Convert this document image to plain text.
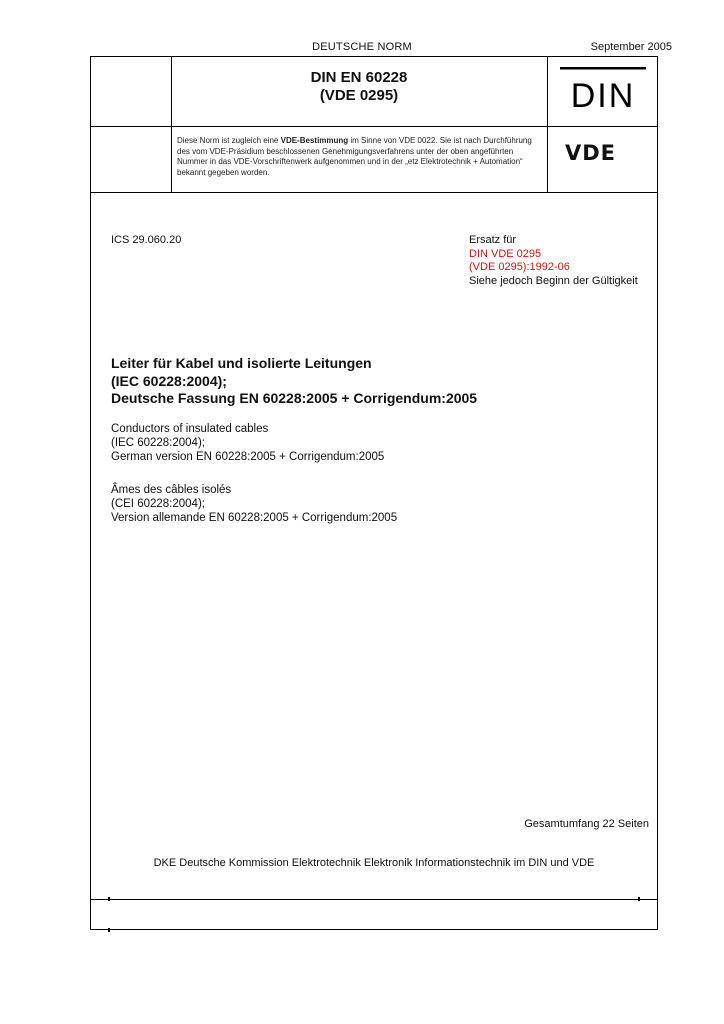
DEUTSCHE NORM	September 2005
DIN EN 60228
(VDE 0295)	DIN
Diese Norm ist zugleich eine VDE-Bestimmung im Sinne von VDE 0022. Sie ist nach Durchführung des vom VDE-Präsidium beschlossenen Genehmigungsverfahrens unter der oben angeführten Nummer in das VDE-Vorschriftenwerk aufgenommen und in der „etz Elektrotechnik + Automation“ bekannt gegeben worden.
VDE
ICS 29.060.20	Ersatz für
DIN VDE 0295
(VDE 0295):1992-06
Siehe jedoch Beginn der Gültigkeit
Leiter für Kabel und isolierte Leitungen
(IEC 60228:2004);
Deutsche Fassung EN 60228:2005 + Corrigendum:2005
Conductors of insulated cables
(IEC 60228:2004);
German version EN 60228:2005 + Corrigendum:2005
Âmes des câbles isolés
(CEI 60228:2004);
Version allemande EN 60228:2005 + Corrigendum:2005
Gesamtumfang 22 Seiten
DKE Deutsche Kommission Elektrotechnik Elektronik Informationstechnik im DIN und VDE
